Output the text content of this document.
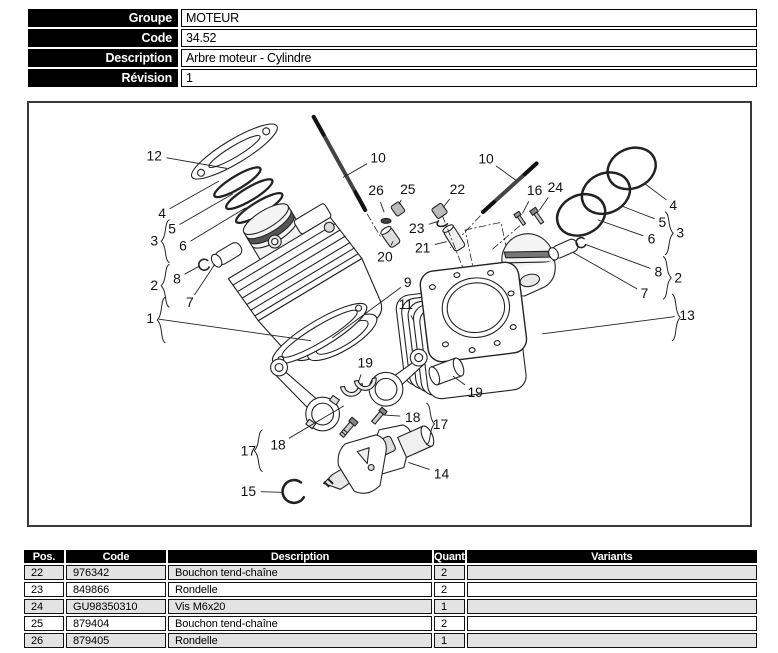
Groupe	MOTEUR
Code	34.52
Description	Arbre moteur - Cylindre
Révision	1
12	10	10
26 25 22	16 24
4
5
6 3
23
21
20
8 2
7
13
9
11
4
5
6
3
8
2
7
1
19
19
18 17
18
17
14
15
Pos.	Code	Description	Quant	Variants
22	976342	Bouchon tend-chaîne	2	
23	849866	Rondelle	2	
24	GU98350310	Vis M6x20	1	
25	879404	Bouchon tend-chaîne	2	
26	879405	Rondelle	1	
